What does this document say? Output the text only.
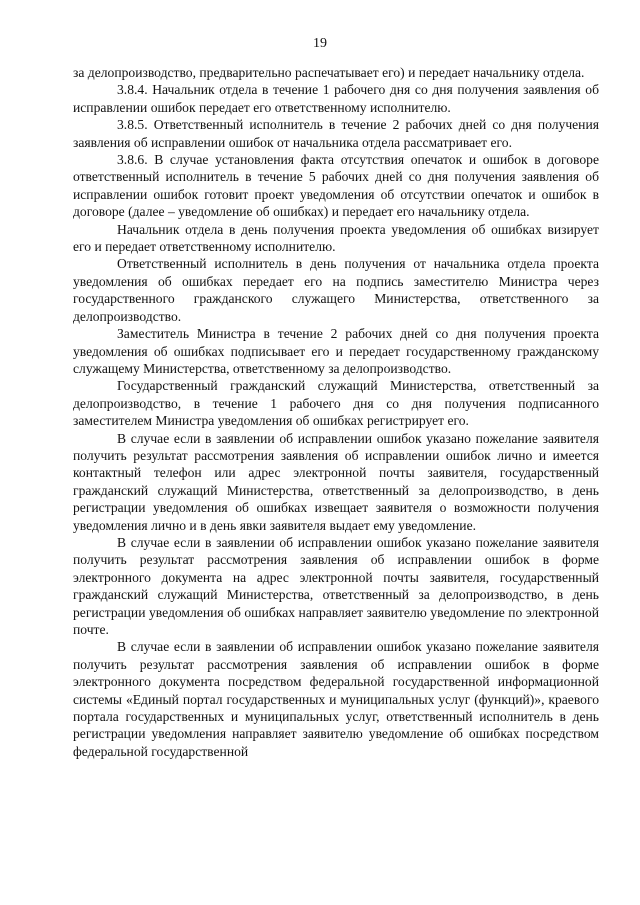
19

за делопроизводство, предварительно распечатывает его) и передает начальнику отдела.

3.8.4. Начальник отдела в течение 1 рабочего дня со дня получения заявления об исправлении ошибок передает его ответственному исполнителю.

3.8.5. Ответственный исполнитель в течение 2 рабочих дней со дня получения заявления об исправлении ошибок от начальника отдела рассматривает его.

3.8.6. В случае установления факта отсутствия опечаток и ошибок в договоре ответственный исполнитель в течение 5 рабочих дней со дня получения заявления об исправлении ошибок готовит проект уведомления об отсутствии опечаток и ошибок в договоре (далее – уведомление об ошибках) и передает его начальнику отдела.

Начальник отдела в день получения проекта уведомления об ошибках визирует его и передает ответственному исполнителю.

Ответственный исполнитель в день получения от начальника отдела проекта уведомления об ошибках передает его на подпись заместителю Министра через государственного гражданского служащего Министерства, ответственного за делопроизводство.

Заместитель Министра в течение 2 рабочих дней со дня получения проекта уведомления об ошибках подписывает его и передает государственному гражданскому служащему Министерства, ответственному за делопроизводство.

Государственный гражданский служащий Министерства, ответственный за делопроизводство, в течение 1 рабочего дня со дня получения подписанного заместителем Министра уведомления об ошибках регистрирует его.

В случае если в заявлении об исправлении ошибок указано пожелание заявителя получить результат рассмотрения заявления об исправлении ошибок лично и имеется контактный телефон или адрес электронной почты заявителя, государственный гражданский служащий Министерства, ответственный за делопроизводство, в день регистрации уведомления об ошибках извещает заявителя о возможности получения уведомления лично и в день явки заявителя выдает ему уведомление.

В случае если в заявлении об исправлении ошибок указано пожелание заявителя получить результат рассмотрения заявления об исправлении ошибок в форме электронного документа на адрес электронной почты заявителя, государственный гражданский служащий Министерства, ответственный за делопроизводство, в день регистрации уведомления об ошибках направляет заявителю уведомление по электронной почте.

В случае если в заявлении об исправлении ошибок указано пожелание заявителя получить результат рассмотрения заявления об исправлении ошибок в форме электронного документа посредством федеральной государственной информационной системы «Единый портал государственных и муниципальных услуг (функций)», краевого портала государственных и муниципальных услуг, ответственный исполнитель в день регистрации уведомления направляет заявителю уведомление об ошибках посредством федеральной государственной
